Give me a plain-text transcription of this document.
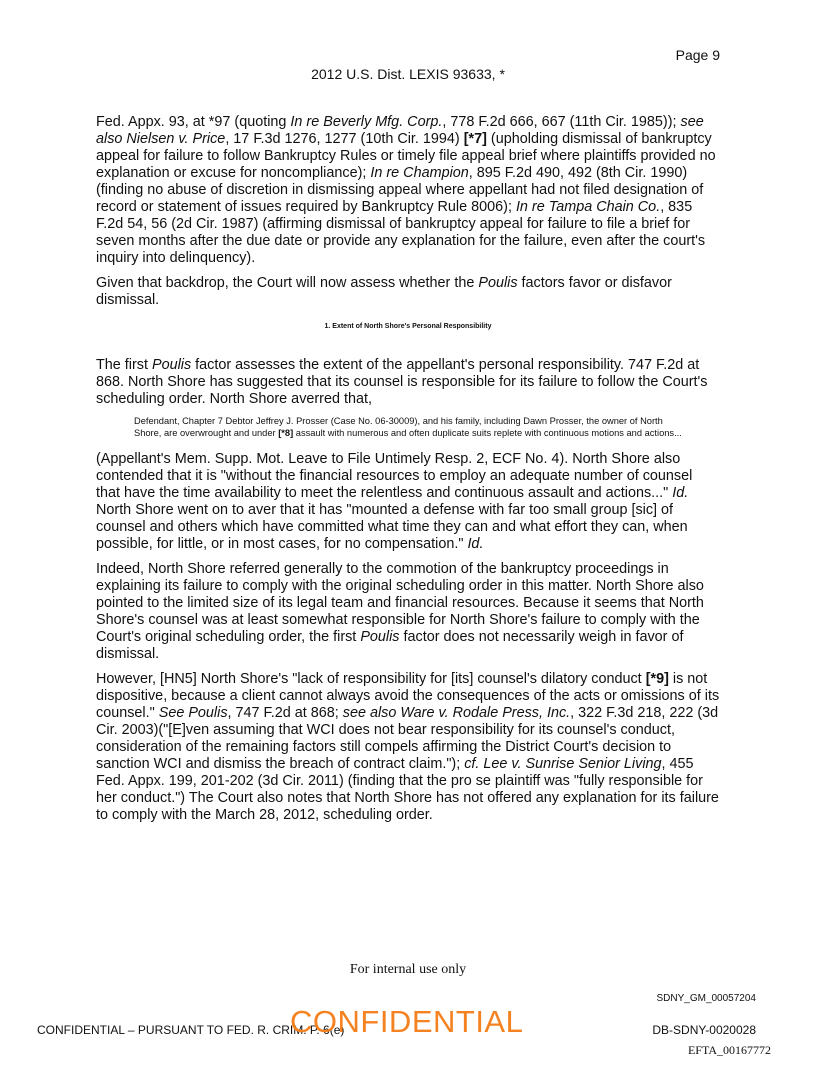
Page 9
2012 U.S. Dist. LEXIS 93633, *

Fed. Appx. 93, at *97 (quoting In re Beverly Mfg. Corp., 778 F.2d 666, 667 (11th Cir. 1985)); see also Nielsen v. Price, 17 F.3d 1276, 1277 (10th Cir. 1994) [*7] (upholding dismissal of bankruptcy appeal for failure to follow Bankruptcy Rules or timely file appeal brief where plaintiffs provided no explanation or excuse for noncompliance); In re Champion, 895 F.2d 490, 492 (8th Cir. 1990) (finding no abuse of discretion in dismissing appeal where appellant had not filed designation of record or statement of issues required by Bankruptcy Rule 8006); In re Tampa Chain Co., 835 F.2d 54, 56 (2d Cir. 1987) (affirming dismissal of bankruptcy appeal for failure to file a brief for seven months after the due date or provide any explanation for the failure, even after the court's inquiry into delinquency).

Given that backdrop, the Court will now assess whether the Poulis factors favor or disfavor dismissal.

1. Extent of North Shore's Personal Responsibility

The first Poulis factor assesses the extent of the appellant's personal responsibility. 747 F.2d at 868. North Shore has suggested that its counsel is responsible for its failure to follow the Court's scheduling order. North Shore averred that,

Defendant, Chapter 7 Debtor Jeffrey J. Prosser (Case No. 06-30009), and his family, including Dawn Prosser, the owner of North Shore, are overwrought and under [*8] assault with numerous and often duplicate suits replete with continuous motions and actions...

(Appellant's Mem. Supp. Mot. Leave to File Untimely Resp. 2, ECF No. 4). North Shore also contended that it is "without the financial resources to employ an adequate number of counsel that have the time availability to meet the relentless and continuous assault and actions..." Id. North Shore went on to aver that it has "mounted a defense with far too small group [sic] of counsel and others which have committed what time they can and what effort they can, when possible, for little, or in most cases, for no compensation." Id.

Indeed, North Shore referred generally to the commotion of the bankruptcy proceedings in explaining its failure to comply with the original scheduling order in this matter. North Shore also pointed to the limited size of its legal team and financial resources. Because it seems that North Shore's counsel was at least somewhat responsible for North Shore's failure to comply with the Court's original scheduling order, the first Poulis factor does not necessarily weigh in favor of dismissal.

However, [HN5] North Shore's "lack of responsibility for [its] counsel's dilatory conduct [*9] is not dispositive, because a client cannot always avoid the consequences of the acts or omissions of its counsel." See Poulis, 747 F.2d at 868; see also Ware v. Rodale Press, Inc., 322 F.3d 218, 222 (3d Cir. 2003)("[E]ven assuming that WCI does not bear responsibility for its counsel's conduct, consideration of the remaining factors still compels affirming the District Court's decision to sanction WCI and dismiss the breach of contract claim."); cf. Lee v. Sunrise Senior Living, 455 Fed. Appx. 199, 201-202 (3d Cir. 2011) (finding that the pro se plaintiff was "fully responsible for her conduct.") The Court also notes that North Shore has not offered any explanation for its failure to comply with the March 28, 2012, scheduling order.

For internal use only
SDNY_GM_00057204
CONFIDENTIAL – PURSUANT TO FED. R. CRIM. P. 6(e)
CONFIDENTIAL	DB-SDNY-0020028
EFTA_00167772
